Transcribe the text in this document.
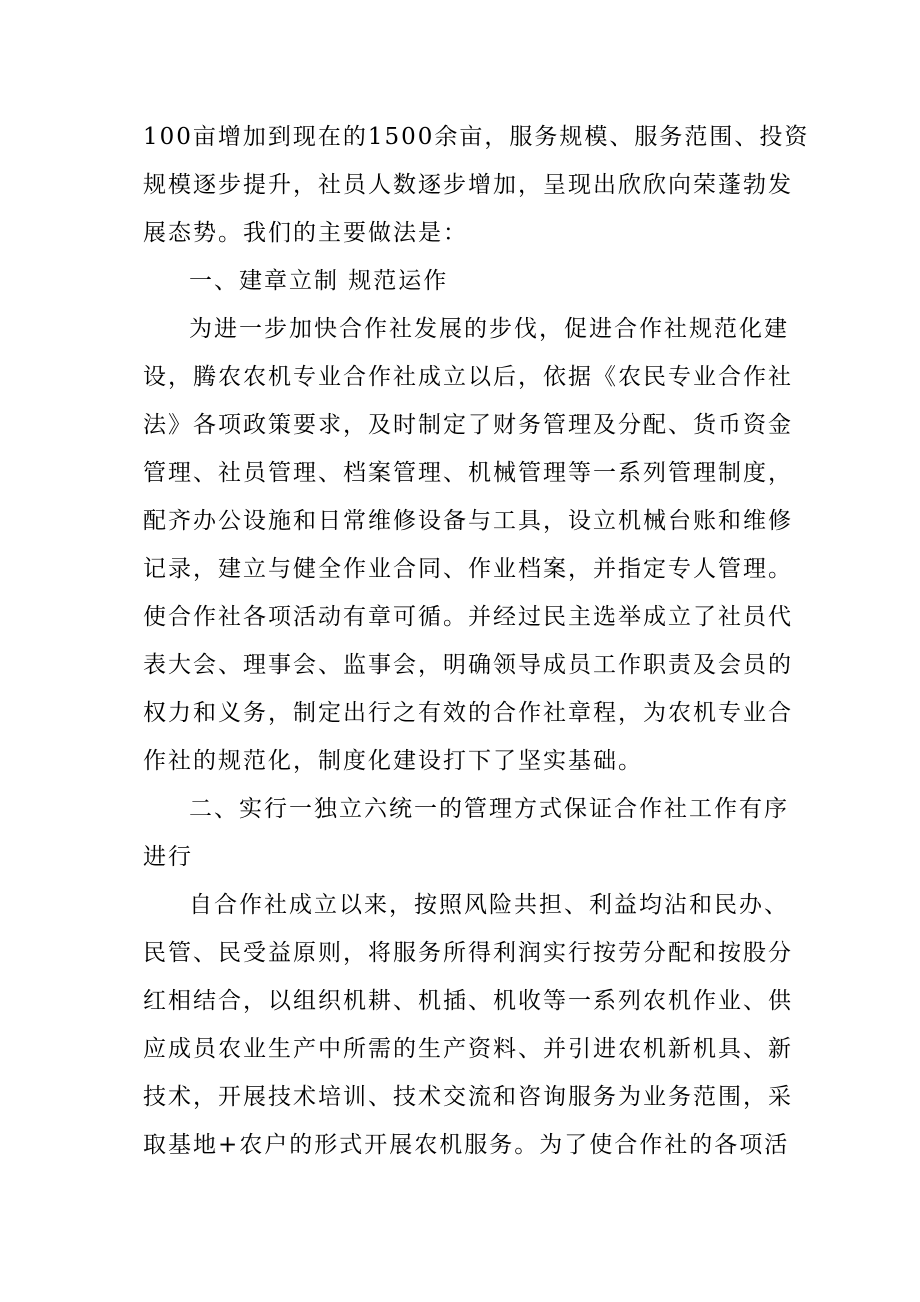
100亩增加到现在的1500余亩，服务规模、服务范围、投资
规模逐步提升，社员人数逐步增加，呈现出欣欣向荣蓬勃发
展态势。我们的主要做法是：
一、建章立制 规范运作
为进一步加快合作社发展的步伐，促进合作社规范化建
设，腾农农机专业合作社成立以后，依据《农民专业合作社
法》各项政策要求，及时制定了财务管理及分配、货币资金
管理、社员管理、档案管理、机械管理等一系列管理制度，
配齐办公设施和日常维修设备与工具，设立机械台账和维修
记录，建立与健全作业合同、作业档案，并指定专人管理。
使合作社各项活动有章可循。并经过民主选举成立了社员代
表大会、理事会、监事会，明确领导成员工作职责及会员的
权力和义务，制定出行之有效的合作社章程，为农机专业合
作社的规范化，制度化建设打下了坚实基础。
二、实行一独立六统一的管理方式保证合作社工作有序
进行
自合作社成立以来，按照风险共担、利益均沾和民办、
民管、民受益原则，将服务所得利润实行按劳分配和按股分
红相结合，以组织机耕、机插、机收等一系列农机作业、供
应成员农业生产中所需的生产资料、并引进农机新机具、新
技术，开展技术培训、技术交流和咨询服务为业务范围，采
取基地+农户的形式开展农机服务。为了使合作社的各项活
